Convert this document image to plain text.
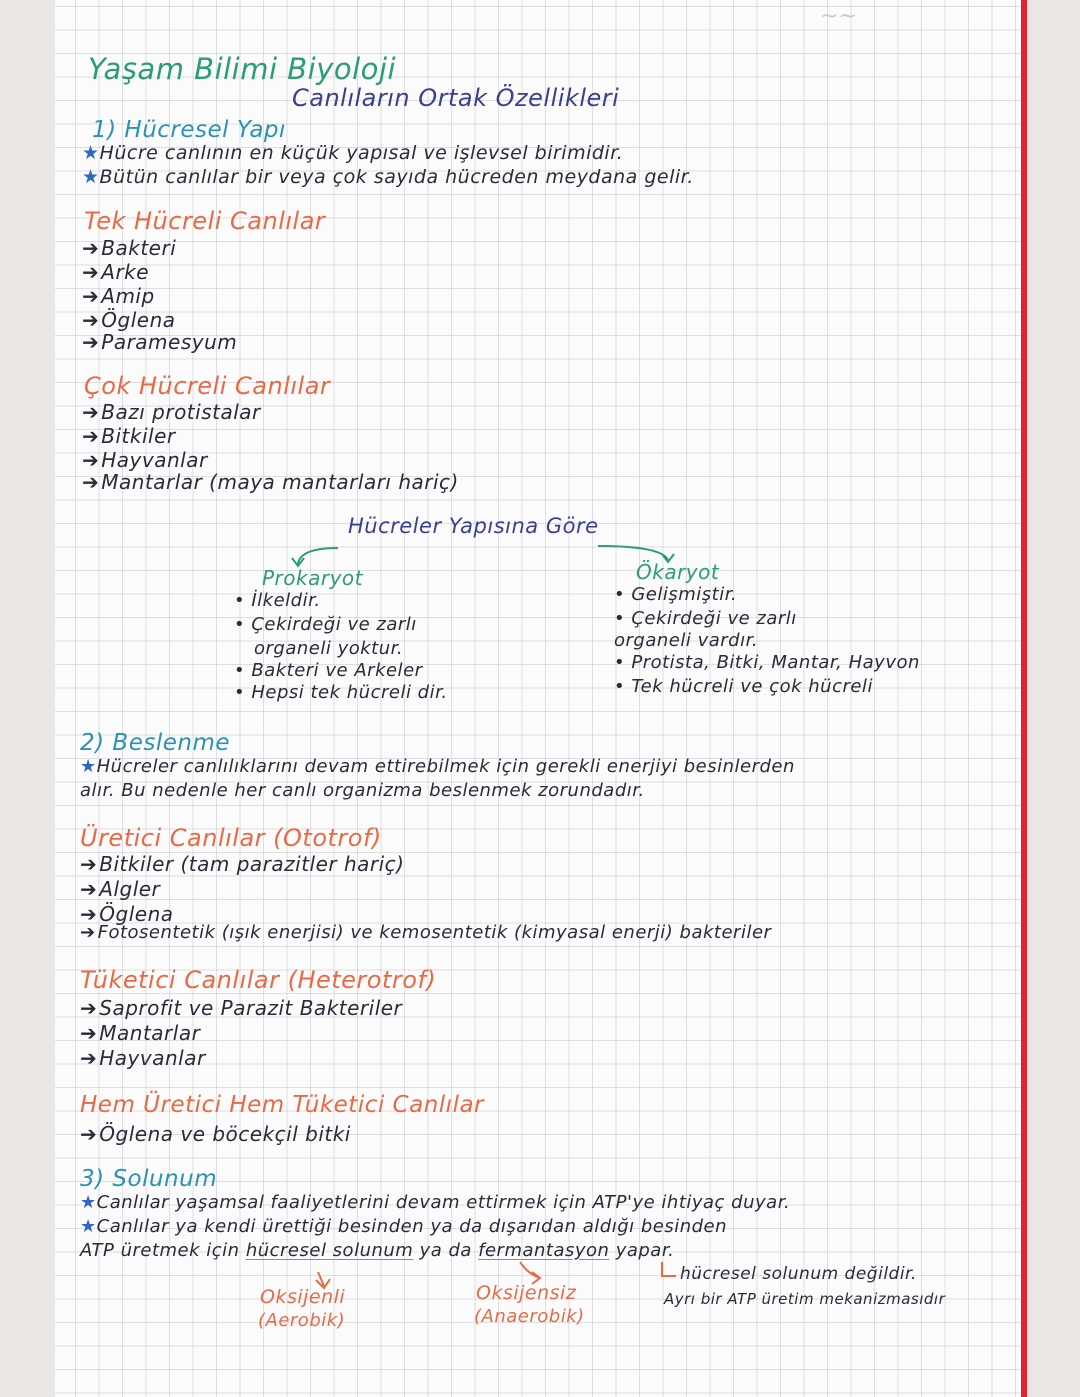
~~
Yaşam Bilimi Biyoloji
Canlıların Ortak Özellikleri
1) Hücresel Yapı
★Hücre canlının en küçük yapısal ve işlevsel birimidir.
★Bütün canlılar bir veya çok sayıda hücreden meydana gelir.
Tek Hücreli Canlılar
➔ Bakteri
➔ Arke
➔ Amip
➔ Öglena
➔ Paramesyum
Çok Hücreli Canlılar
➔ Bazı protistalar
➔ Bitkiler
➔ Hayvanlar
➔ Mantarlar (maya mantarları hariç)
Hücreler Yapısına Göre
Prokaryot
• İlkeldir.
• Çekirdeği ve zarlı
organeli yoktur.
• Bakteri ve Arkeler
• Hepsi tek hücreli dir.
Ökaryot
• Gelişmiştir.
• Çekirdeği ve zarlı
organeli vardır.
• Protista, Bitki, Mantar, Hayvon
• Tek hücreli ve çok hücreli
2) Beslenme
★Hücreler canlılıklarını devam ettirebilmek için gerekli enerjiyi besinlerden
alır. Bu nedenle her canlı organizma beslenmek zorundadır.
Üretici Canlılar (Ototrof)
➔ Bitkiler (tam parazitler hariç)
➔ Algler
➔ Öglena
➔ Fotosentetik (ışık enerjisi) ve kemosentetik (kimyasal enerji) bakteriler
Tüketici Canlılar (Heterotrof)
➔ Saprofit ve Parazit Bakteriler
➔ Mantarlar
➔ Hayvanlar
Hem Üretici Hem Tüketici Canlılar
➔ Öglena ve böcekçil bitki
3) Solunum
★Canlılar yaşamsal faaliyetlerini devam ettirmek için ATP'ye ihtiyaç duyar.
★Canlılar ya kendi ürettiği besinden ya da dışarıdan aldığı besinden
ATP üretmek için hücresel solunum ya da fermantasyon yapar.
hücresel solunum değildir.
Ayrı bir ATP üretim mekanizmasıdır
Oksijenli
(Aerobik)
Oksijensiz
(Anaerobik)
